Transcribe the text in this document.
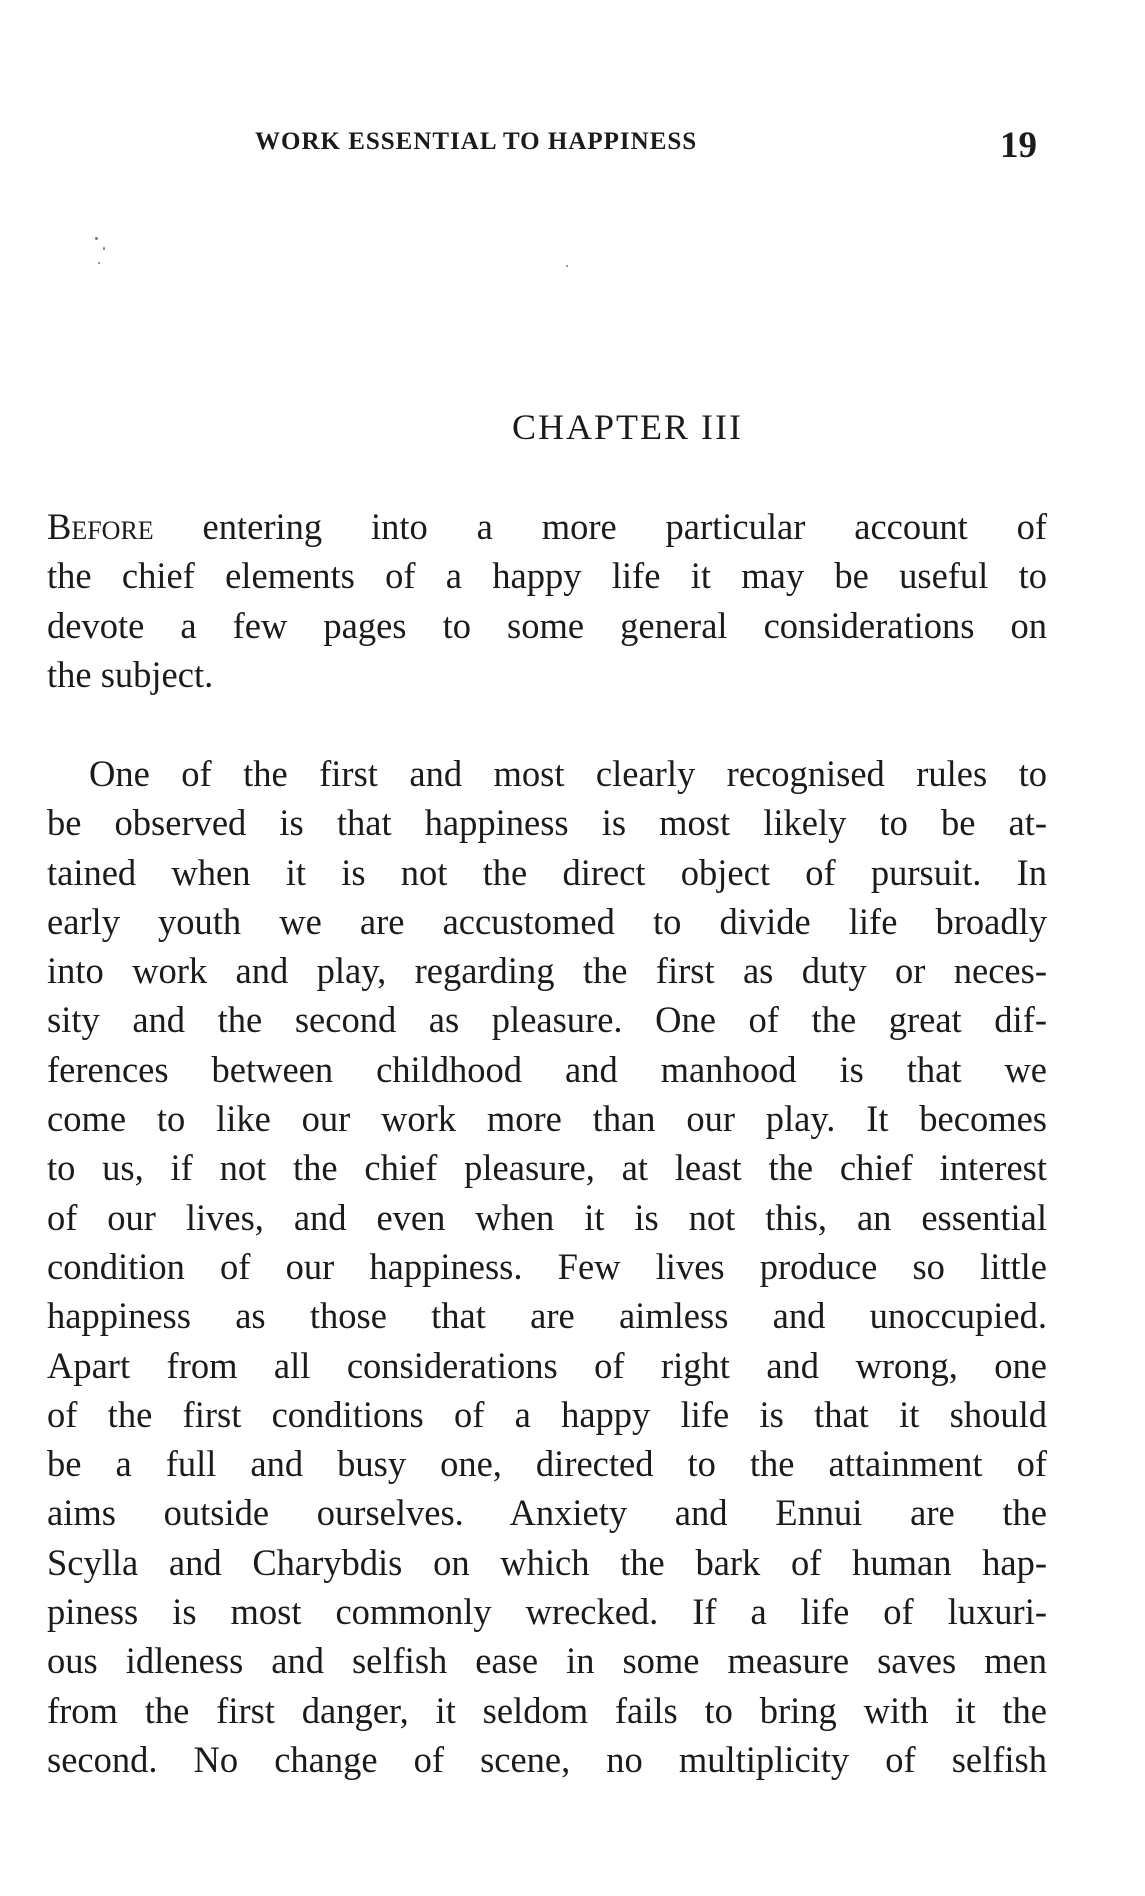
WORK ESSENTIAL TO HAPPINESS	19
CHAPTER III
Before entering into a more particular account of
the chief elements of a happy life it may be useful to
devote a few pages to some general considerations on
the subject.
One of the first and most clearly recognised rules to
be observed is that happiness is most likely to be at-
tained when it is not the direct object of pursuit. In
early youth we are accustomed to divide life broadly
into work and play, regarding the first as duty or neces-
sity and the second as pleasure. One of the great dif-
ferences between childhood and manhood is that we
come to like our work more than our play. It becomes
to us, if not the chief pleasure, at least the chief interest
of our lives, and even when it is not this, an essential
condition of our happiness. Few lives produce so little
happiness as those that are aimless and unoccupied.
Apart from all considerations of right and wrong, one
of the first conditions of a happy life is that it should
be a full and busy one, directed to the attainment of
aims outside ourselves. Anxiety and Ennui are the
Scylla and Charybdis on which the bark of human hap-
piness is most commonly wrecked. If a life of luxuri-
ous idleness and selfish ease in some measure saves men
from the first danger, it seldom fails to bring with it the
second. No change of scene, no multiplicity of selfish
